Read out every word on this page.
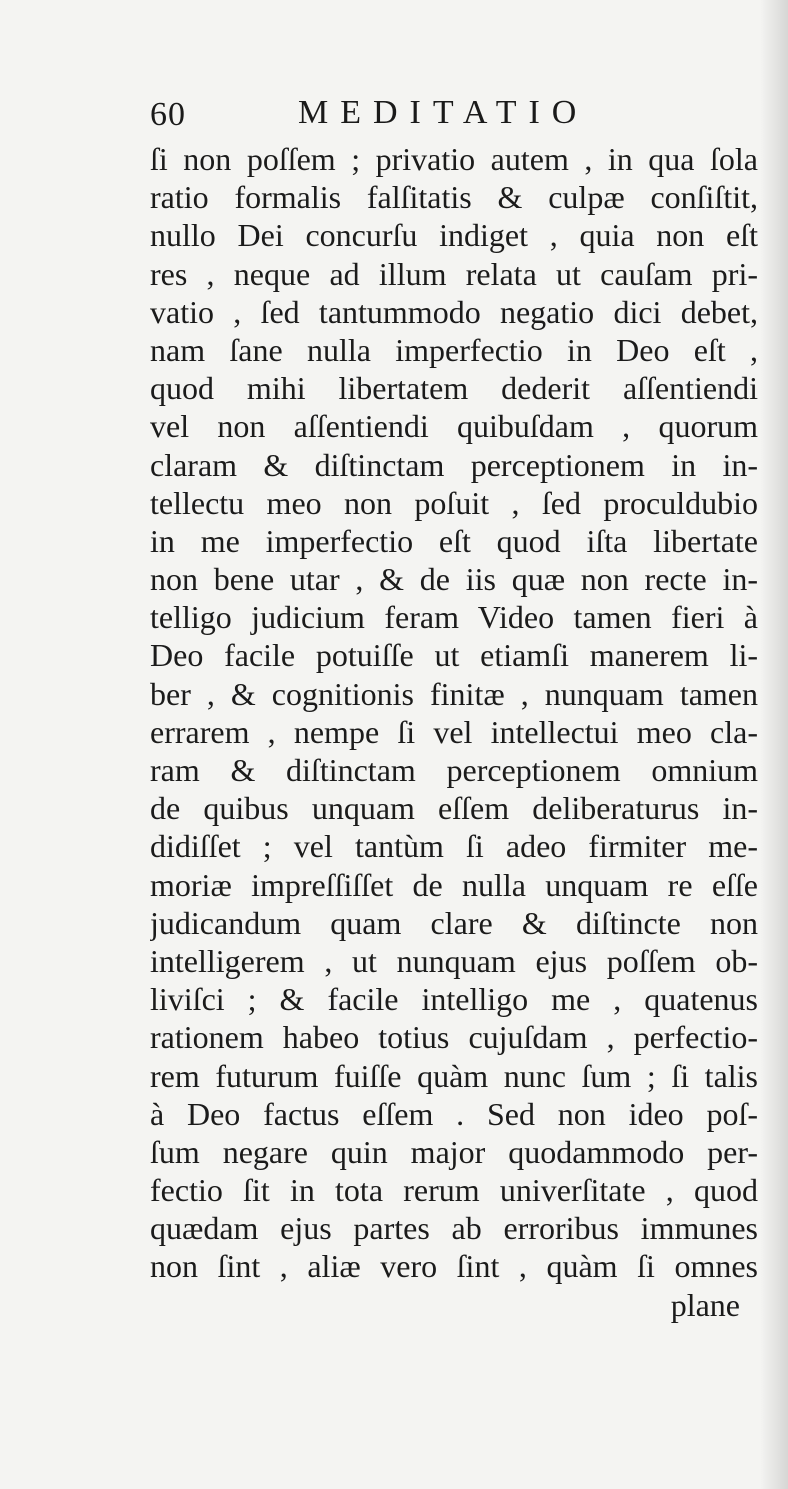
60	MEDITATIO
ſi non poſſem ; privatio autem , in qua ſola
ratio formalis falſitatis & culpæ conſiſtit,
nullo Dei concurſu indiget , quia non eſt
res , neque ad illum relata ut cauſam pri-
vatio , ſed tantummodo negatio dici debet,
nam ſane nulla imperfectio in Deo eſt ,
quod mihi libertatem dederit aſſentiendi
vel non aſſentiendi quibuſdam , quorum
claram & diſtinctam perceptionem in in-
tellectu meo non poſuit , ſed proculdubio
in me imperfectio eſt quod iſta libertate
non bene utar , & de iis quæ non recte in-
telligo judicium feram Video tamen fieri à
Deo facile potuiſſe ut etiamſi manerem li-
ber , & cognitionis finitæ , nunquam tamen
errarem , nempe ſi vel intellectui meo cla-
ram & diſtinctam perceptionem omnium
de quibus unquam eſſem deliberaturus in-
didiſſet ; vel tantùm ſi adeo firmiter me-
moriæ impreſſiſſet de nulla unquam re eſſe
judicandum quam clare & diſtincte non
intelligerem , ut nunquam ejus poſſem ob-
liviſci ; & facile intelligo me , quatenus
rationem habeo totius cujuſdam , perfectio-
rem futurum fuiſſe quàm nunc ſum ; ſi talis
à Deo factus eſſem . Sed non ideo poſ-
ſum negare quin major quodammodo per-
fectio ſit in tota rerum univerſitate , quod
quædam ejus partes ab erroribus immunes
non ſint , aliæ vero ſint , quàm ſi omnes
plane
